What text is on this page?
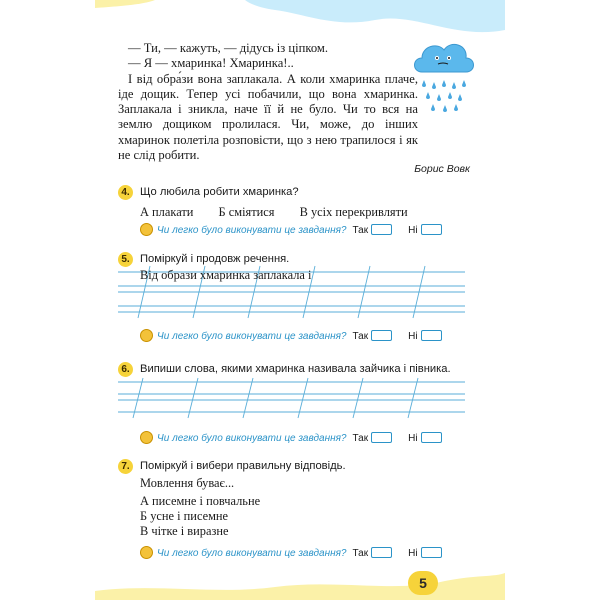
— Ти, — кажуть, — дідусь із ціпком.

— Я — хмаринка! Хмаринка!..

І від обра́зи вона заплакала. А коли хмаринка плаче, іде дощик. Тепер усі побачили, що вона хмаринка. Заплакала і зникла, наче її й не було. Чи то вся на землю дощиком пролилася. Чи, може, до інших хмаринок полетіла розповісти, що з нею трапилося і як не слід робити.

Борис Вовк
4. Що любила робити хмаринка?
А плакати Б сміятися В усіх перекривляти
Чи легко було виконувати це завдання? Так	Ні
5. Поміркуй і продовж речення.
Від образи хмаринка заплакала і
Чи легко було виконувати це завдання? Так	Ні
6. Випиши слова, якими хмаринка називала зайчика і півника.
Чи легко було виконувати це завдання? Так	Ні
7. Поміркуй і вибери правильну відповідь.
Мовлення буває...
А писемне і повчальне
Б усне і писемне
В чітке і виразне
Чи легко було виконувати це завдання? Так	Ні
5
